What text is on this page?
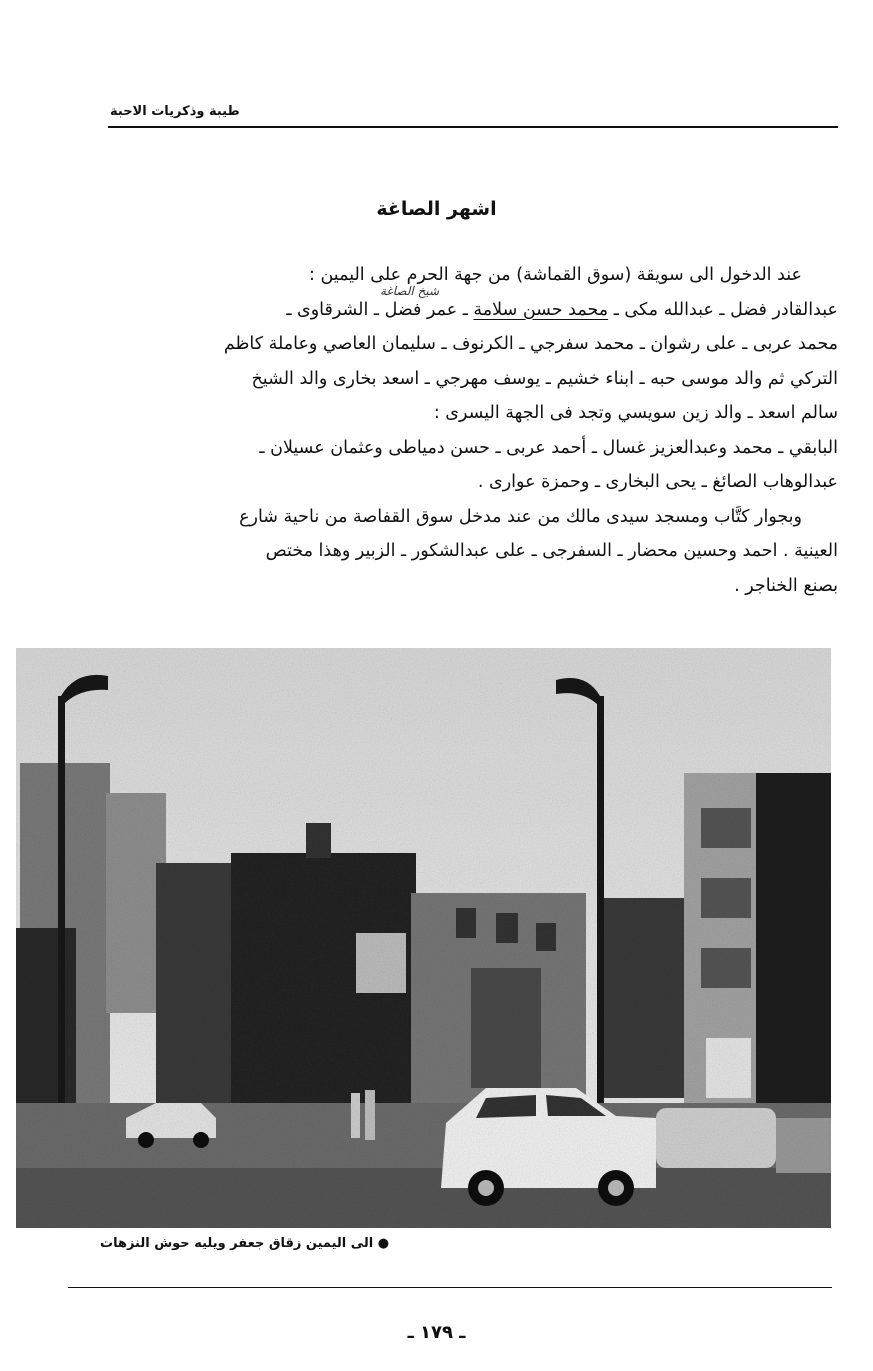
طيبة وذكريات الاحبة
اشهر الصاغة

عند الدخول الى سويقة (سوق القماشة) من جهة الحرم على اليمين :

عبدالقادر فضل ـ عبدالله مكى ـ محمد حسن سلامة ـ عمر فضل ـ الشرقاوى ـ
محمد عربى ـ على رشوان ـ محمد سفرجي ـ الكرنوف ـ سليمان العاصي وعاملة كاظم
التركي ثم والد موسى حبه ـ ابناء خشيم ـ يوسف مهرجي ـ اسعد بخارى والد الشيخ
سالم اسعد ـ والد زين سويسي وتجد فى الجهة اليسرى :
البابقي ـ محمد وعبدالعزيز غسال ـ أحمد عربى ـ حسن دمياطى وعثمان عسيلان ـ
عبدالوهاب الصائغ ـ يحى البخارى ـ وحمزة عوارى .

وبجوار كتَّاب ومسجد سيدى مالك من عند مدخل سوق القفاصة من ناحية شارع
العينية . احمد وحسين محضار ـ السفرجى ـ على عبدالشكور ـ الزبير وهذا مختص
بصنع الخناجر .

شيخ الصاغة
● الى اليمين زقاق جعفر ويليه حوش النزهات
ـ ١٧٩ ـ
